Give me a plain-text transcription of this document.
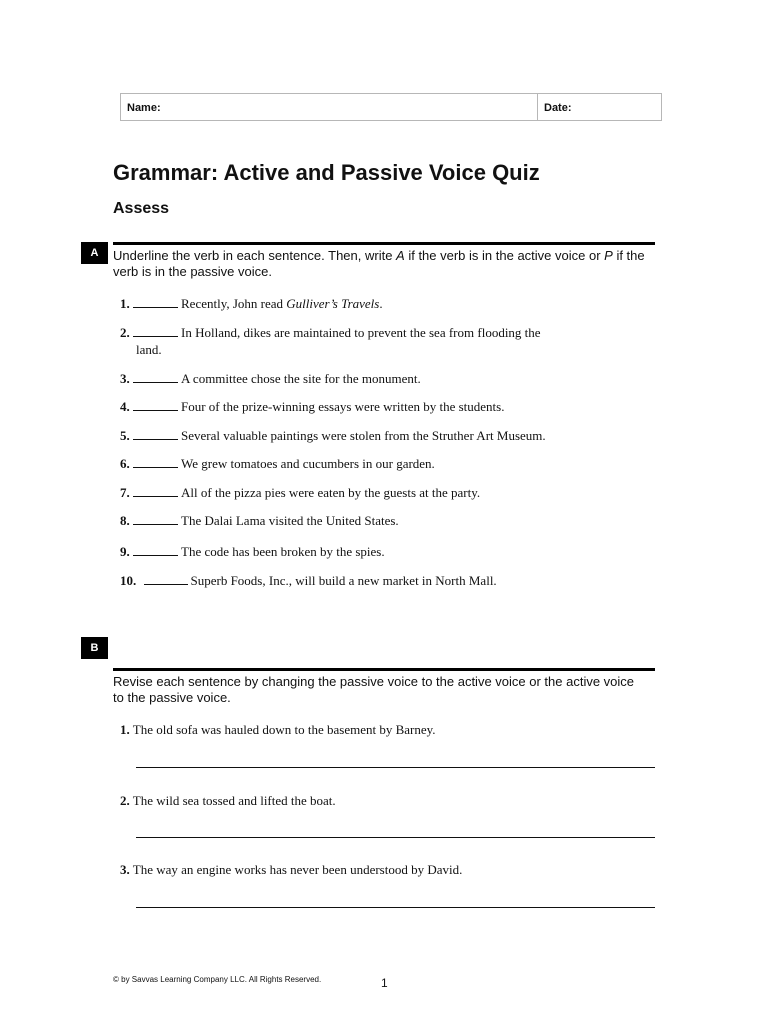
Name:	Date:
Grammar: Active and Passive Voice Quiz
Assess
A	Underline the verb in each sentence. Then, write A if the verb is in the active voice or P if the verb is in the passive voice.
1.	Recently, John read Gulliver’s Travels.
2.	In Holland, dikes are maintained to prevent the sea from flooding the
land.
3.	A committee chose the site for the monument.
4.	Four of the prize-winning essays were written by the students.
5.	Several valuable paintings were stolen from the Struther Art Museum.
6.	We grew tomatoes and cucumbers in our garden.
7.	All of the pizza pies were eaten by the guests at the party.
8.	The Dalai Lama visited the United States.
9.	The code has been broken by the spies.
10.	Superb Foods, Inc., will build a new market in North Mall.
B
Revise each sentence by changing the passive voice to the active voice or the active voice to the passive voice.
1. The old sofa was hauled down to the basement by Barney.
2. The wild sea tossed and lifted the boat.
3. The way an engine works has never been understood by David.
© by Savvas Learning Company LLC. All Rights Reserved.	1
